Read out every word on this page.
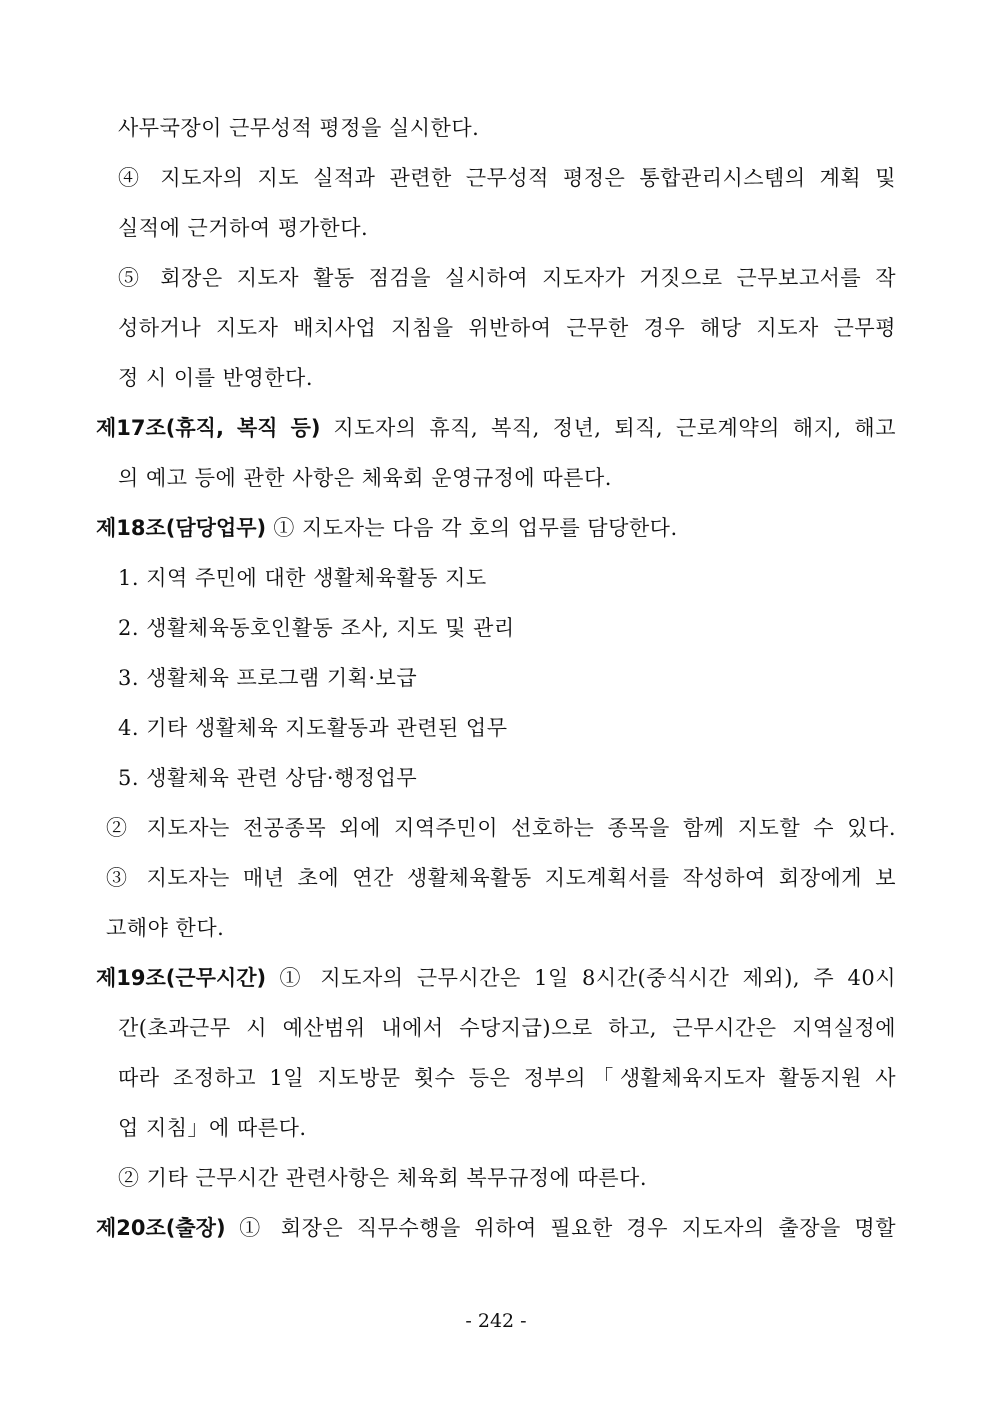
사무국장이 근무성적 평정을 실시한다.
④ 지도자의 지도 실적과 관련한 근무성적 평정은 통합관리시스템의 계획 및
실적에 근거하여 평가한다.
⑤ 회장은 지도자 활동 점검을 실시하여 지도자가 거짓으로 근무보고서를 작
성하거나 지도자 배치사업 지침을 위반하여 근무한 경우 해당 지도자 근무평
정 시 이를 반영한다.
제17조(휴직, 복직 등) 지도자의 휴직, 복직, 정년, 퇴직, 근로계약의 해지, 해고
의 예고 등에 관한 사항은 체육회 운영규정에 따른다.
제18조(담당업무) ① 지도자는 다음 각 호의 업무를 담당한다.
1. 지역 주민에 대한 생활체육활동 지도
2. 생활체육동호인활동 조사, 지도 및 관리
3. 생활체육 프로그램 기획·보급
4. 기타 생활체육 지도활동과 관련된 업무
5. 생활체육 관련 상담·행정업무
② 지도자는 전공종목 외에 지역주민이 선호하는 종목을 함께 지도할 수 있다.
③ 지도자는 매년 초에 연간 생활체육활동 지도계획서를 작성하여 회장에게 보
고해야 한다.
제19조(근무시간) ① 지도자의 근무시간은 1일 8시간(중식시간 제외), 주 40시
간(초과근무 시 예산범위 내에서 수당지급)으로 하고, 근무시간은 지역실정에
따라 조정하고 1일 지도방문 횟수 등은 정부의「생활체육지도자 활동지원 사
업 지침」에 따른다.
② 기타 근무시간 관련사항은 체육회 복무규정에 따른다.
제20조(출장) ① 회장은 직무수행을 위하여 필요한 경우 지도자의 출장을 명할
- 242 -
